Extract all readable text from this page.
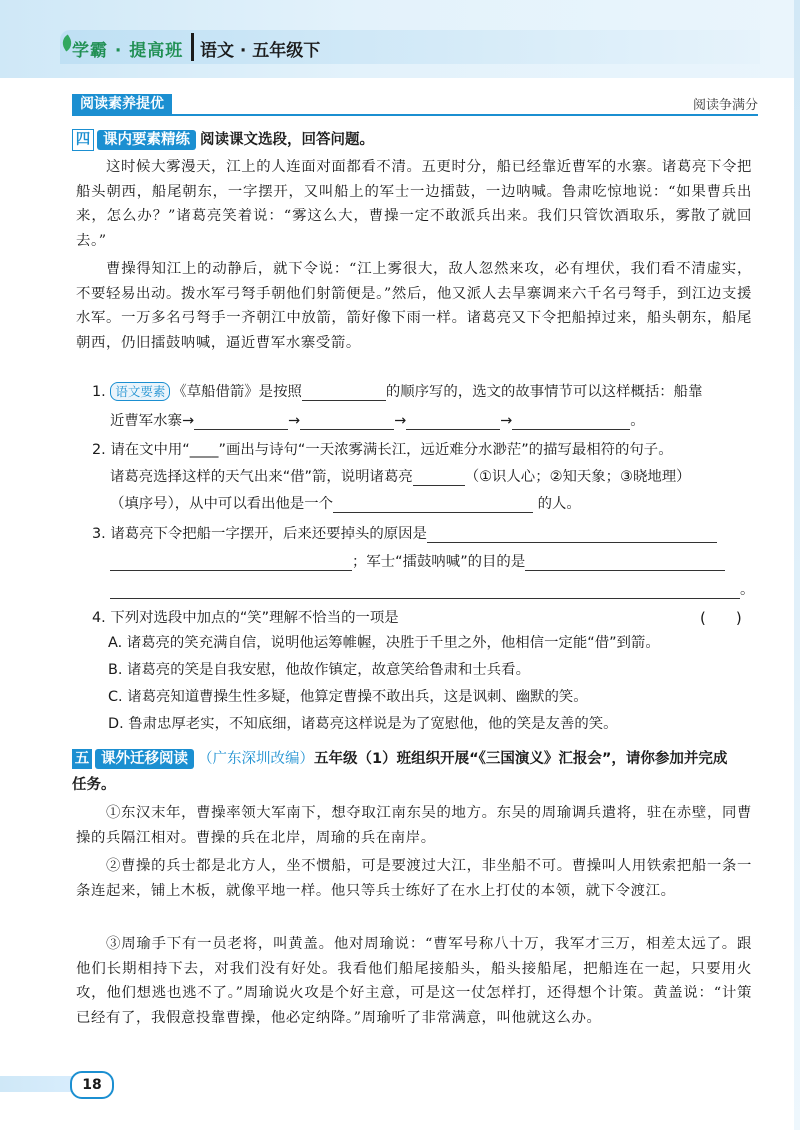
学霸 · 提高班 语文 · 五年级下
阅读素养提优	阅读争满分
四 课内要素精练 阅读课文选段，回答问题。
这时候大雾漫天，江上的人连面对面都看不清。五更时分，船已经靠近曹军的水寨。诸葛亮下令把船头朝西，船尾朝东，一字摆开，又叫船上的军士一边擂鼓，一边呐喊。鲁肃吃惊地说：“如果曹兵出来，怎么办？”诸葛亮笑着说：“雾这么大，曹操一定不敢派兵出来。我们只管饮酒取乐，雾散了就回去。”
曹操得知江上的动静后，就下令说：“江上雾很大，敌人忽然来攻，必有埋伏，我们看不清虚实，不要轻易出动。拨水军弓弩手朝他们射箭便是。”然后，他又派人去旱寨调来六千名弓弩手，到江边支援水军。一万多名弓弩手一齐朝江中放箭，箭好像下雨一样。诸葛亮又下令把船掉过来，船头朝东，船尾朝西，仍旧擂鼓呐喊，逼近曹军水寨受箭。
1. 语文要素 《草船借箭》是按照	的顺序写的，选文的故事情节可以这样概括：船靠
近曹军水寨→	→	→	→	。
2. 请在文中用“____”画出与诗句“一天浓雾满长江，远近难分水渺茫”的描写最相符的句子。
诸葛亮选择这样的天气出来“借”箭，说明诸葛亮	（①识人心；②知天象；③晓地理）
（填序号），从中可以看出他是一个	的人。
3. 诸葛亮下令把船一字摆开，后来还要掉头的原因是
；军士“擂鼓呐喊”的目的是
。
4. 下列对选段中加点的“笑”理解不恰当的一项是	(　　)
A. 诸葛亮的笑充满自信，说明他运筹帷幄，决胜于千里之外，他相信一定能“借”到箭。
B. 诸葛亮的笑是自我安慰，他故作镇定，故意笑给鲁肃和士兵看。
C. 诸葛亮知道曹操生性多疑，他算定曹操不敢出兵，这是讽刺、幽默的笑。
D. 鲁肃忠厚老实，不知底细，诸葛亮这样说是为了宽慰他，他的笑是友善的笑。
五 课外迁移阅读 （广东深圳改编）五年级（1）班组织开展“《三国演义》汇报会”，请你参加并完成
任务。
①东汉末年，曹操率领大军南下，想夺取江南东吴的地方。东吴的周瑜调兵遣将，驻在赤壁，同曹操的兵隔江相对。曹操的兵在北岸，周瑜的兵在南岸。
②曹操的兵士都是北方人，坐不惯船，可是要渡过大江，非坐船不可。曹操叫人用铁索把船一条一条连起来，铺上木板，就像平地一样。他只等兵士练好了在水上打仗的本领，就下令渡江。
③周瑜手下有一员老将，叫黄盖。他对周瑜说：“曹军号称八十万，我军才三万，相差太远了。跟他们长期相持下去，对我们没有好处。我看他们船尾接船头，船头接船尾，把船连在一起，只要用火攻，他们想逃也逃不了。”周瑜说火攻是个好主意，可是这一仗怎样打，还得想个计策。黄盖说：“计策已经有了，我假意投靠曹操，他必定纳降。”周瑜听了非常满意，叫他就这么办。
18
